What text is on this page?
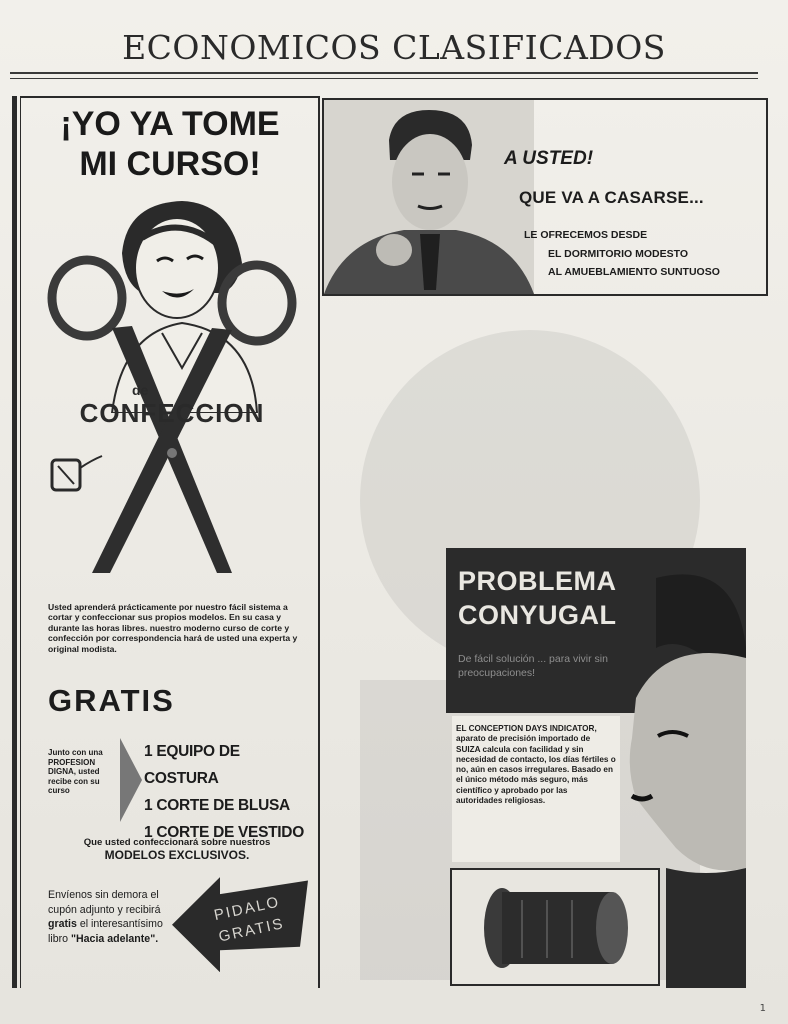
ECONOMICOS CLASIFICADOS
¡YO YA TOME
MI CURSO!
de
CONFECCION
Usted aprenderá prácticamente por nuestro fácil sistema a cortar y confeccionar sus propios modelos. En su casa y durante las horas libres. nuestro moderno curso de corte y confección por correspondencia hará de usted una experta y original modista.
GRATIS
Junto con una PROFESION DIGNA, usted recibe con su curso
1 EQUIPO DE COSTURA
1 CORTE DE BLUSA
1 CORTE DE VESTIDO
Que usted confeccionará sobre nuestros
MODELOS EXCLUSIVOS.
Envíenos sin demora el cupón adjunto y recibirá gratis el interesantísimo libro "Hacia adelante".
PIDALO
GRATIS
A USTED!
QUE VA A CASARSE...
LE OFRECEMOS DESDE
EL DORMITORIO MODESTO
AL AMUEBLAMIENTO SUNTUOSO
PROBLEMA
CONYUGAL
De fácil solución ... para vivir sin preocupaciones!
EL CONCEPTION DAYS INDICATOR, aparato de precisión importado de SUIZA calcula con facilidad y sin necesidad de contacto, los días fértiles o no, aún en casos irregulares. Basado en el único método más seguro, más científico y aprobado por las autoridades religiosas.
1
